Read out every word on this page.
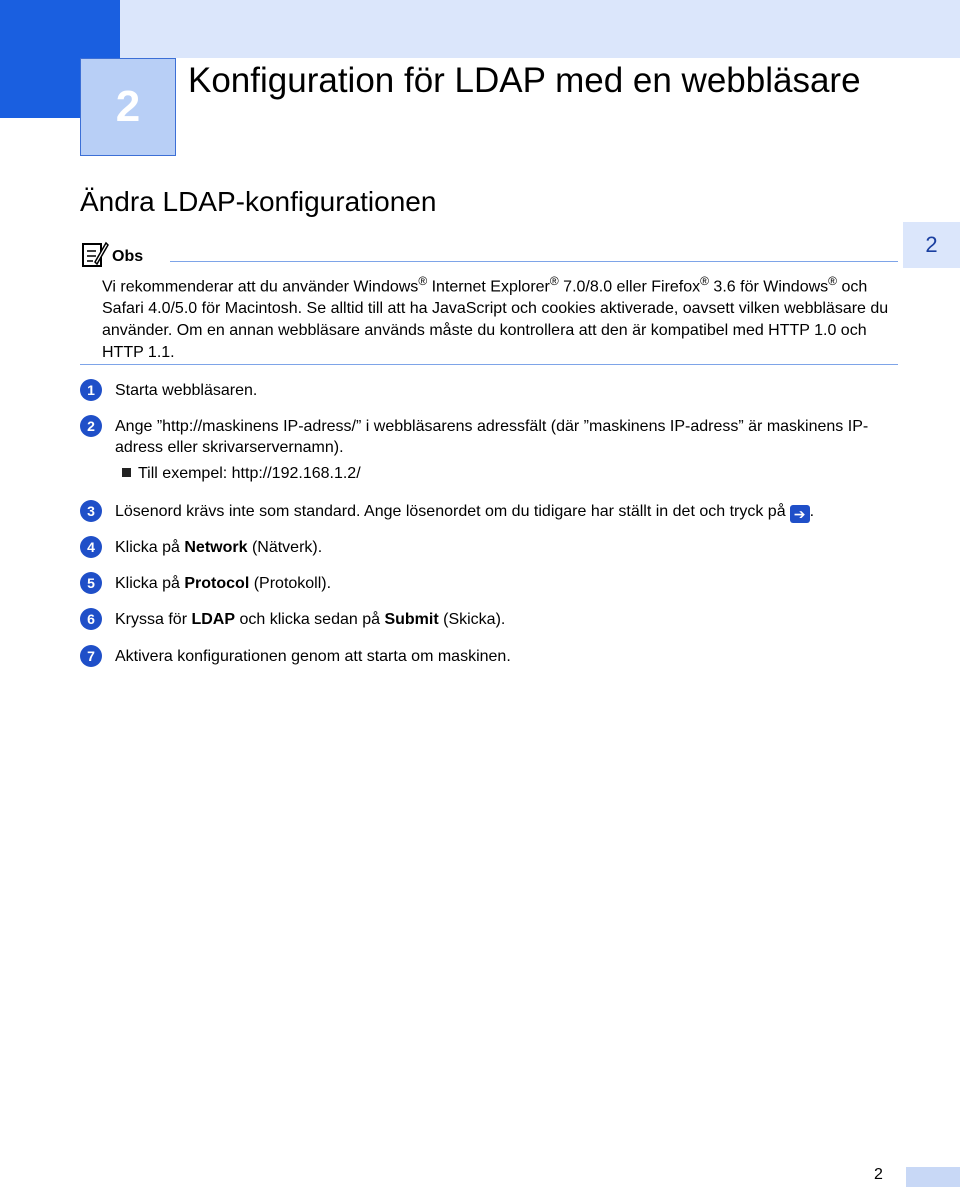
2
Konfiguration för LDAP med en webbläsare
Ändra LDAP-konfigurationen
2
Obs
Vi rekommenderar att du använder Windows® Internet Explorer® 7.0/8.0 eller Firefox® 3.6 för Windows® och Safari 4.0/5.0 för Macintosh. Se alltid till att ha JavaScript och cookies aktiverade, oavsett vilken webbläsare du använder. Om en annan webbläsare används måste du kontrollera att den är kompatibel med HTTP 1.0 och HTTP 1.1.
1	Starta webbläsaren.
2	Ange ”http://maskinens IP-adress/” i webbläsarens adressfält (där ”maskinens IP-adress” är maskinens IP-adress eller skrivarservernamn).
Till exempel: http://192.168.1.2/
3	Lösenord krävs inte som standard. Ange lösenordet om du tidigare har ställt in det och tryck på ➔ .
4	Klicka på Network (Nätverk).
5	Klicka på Protocol (Protokoll).
6	Kryssa för LDAP och klicka sedan på Submit (Skicka).
7	Aktivera konfigurationen genom att starta om maskinen.
2
